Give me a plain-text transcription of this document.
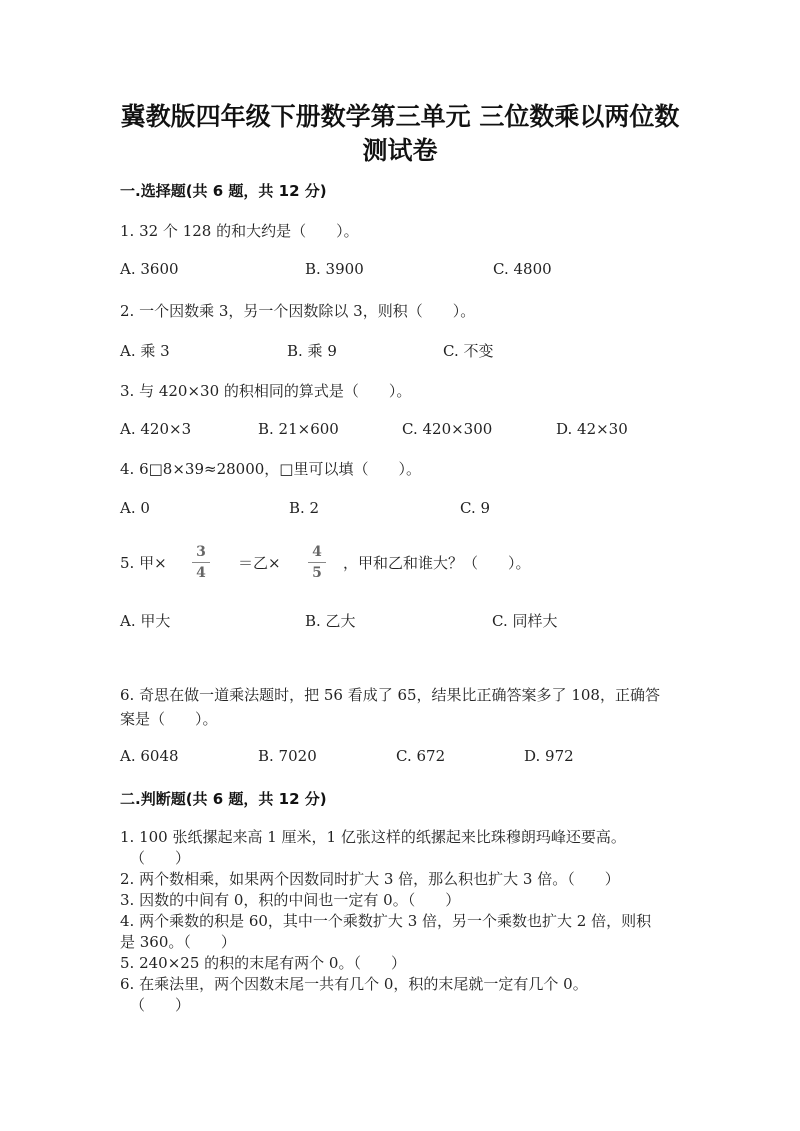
冀教版四年级下册数学第三单元 三位数乘以两位数
测试卷
一.选择题(共 6 题，共 12 分)
1. 32 个 128 的和大约是（　　）。
A. 3600	B. 3900	C. 4800
2. 一个因数乘 3，另一个因数除以 3，则积（　　）。
A. 乘 3	B. 乘 9	C. 不变
3. 与 420×30 的积相同的算式是（　　）。
A. 420×3	B. 21×600	C. 420×300	D. 42×30
4. 6□8×39≈28000，□里可以填（　　）。
A. 0	B. 2	C. 9
5. 甲×
3
4
＝乙×
4
5
，甲和乙和谁大？（　　）。
A. 甲大	B. 乙大	C. 同样大
6. 奇思在做一道乘法题时，把 56 看成了 65，结果比正确答案多了 108，正确答
案是（　　）。
A. 6048	B. 7020	C. 672	D. 972
二.判断题(共 6 题，共 12 分)
1. 100 张纸摞起来高 1 厘米，1 亿张这样的纸摞起来比珠穆朗玛峰还要高。
（　　）
2. 两个数相乘，如果两个因数同时扩大 3 倍，那么积也扩大 3 倍。（　　）
3. 因数的中间有 0，积的中间也一定有 0。（　　）
4. 两个乘数的积是 60，其中一个乘数扩大 3 倍，另一个乘数也扩大 2 倍，则积
是 360。（　　）
5. 240×25 的积的末尾有两个 0。（　　）
6. 在乘法里，两个因数末尾一共有几个 0，积的末尾就一定有几个 0。
（　　）
